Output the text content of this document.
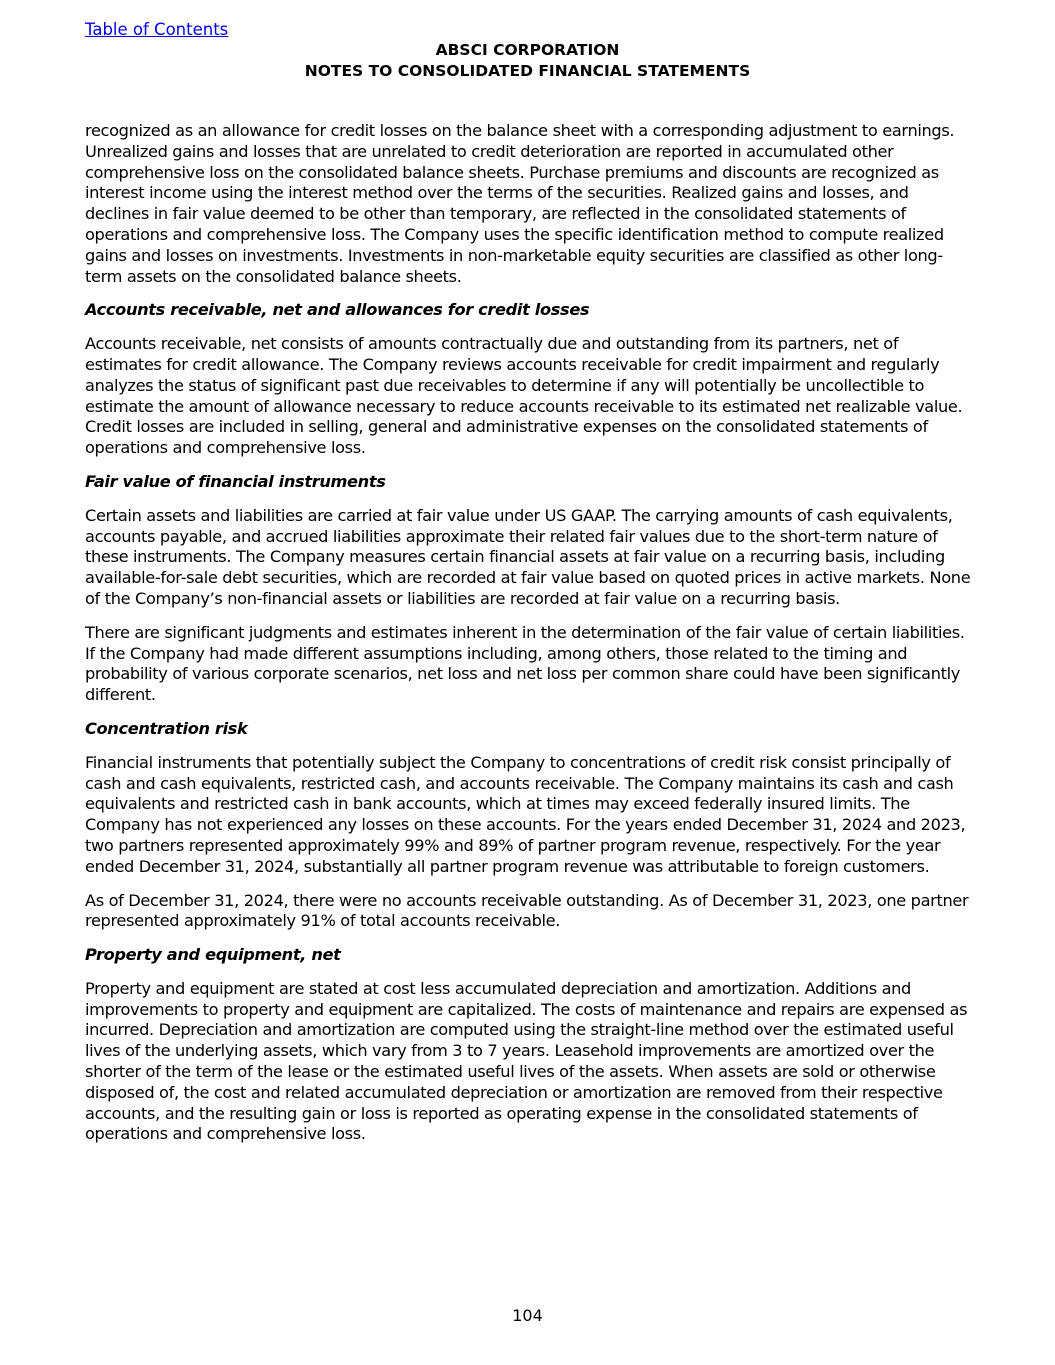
Table of Contents
ABSCI CORPORATION
NOTES TO CONSOLIDATED FINANCIAL STATEMENTS

recognized as an allowance for credit losses on the balance sheet with a corresponding adjustment to earnings. Unrealized gains and losses that are unrelated to credit deterioration are reported in accumulated other comprehensive loss on the consolidated balance sheets. Purchase premiums and discounts are recognized as interest income using the interest method over the terms of the securities. Realized gains and losses, and declines in fair value deemed to be other than temporary, are reflected in the consolidated statements of operations and comprehensive loss. The Company uses the specific identification method to compute realized gains and losses on investments. Investments in non-marketable equity securities are classified as other long-term assets on the consolidated balance sheets.

Accounts receivable, net and allowances for credit losses

Accounts receivable, net consists of amounts contractually due and outstanding from its partners, net of estimates for credit allowance. The Company reviews accounts receivable for credit impairment and regularly analyzes the status of significant past due receivables to determine if any will potentially be uncollectible to estimate the amount of allowance necessary to reduce accounts receivable to its estimated net realizable value. Credit losses are included in selling, general and administrative expenses on the consolidated statements of operations and comprehensive loss.

Fair value of financial instruments

Certain assets and liabilities are carried at fair value under US GAAP. The carrying amounts of cash equivalents, accounts payable, and accrued liabilities approximate their related fair values due to the short-term nature of these instruments. The Company measures certain financial assets at fair value on a recurring basis, including available-for-sale debt securities, which are recorded at fair value based on quoted prices in active markets. None of the Company’s non-financial assets or liabilities are recorded at fair value on a recurring basis.

There are significant judgments and estimates inherent in the determination of the fair value of certain liabilities. If the Company had made different assumptions including, among others, those related to the timing and probability of various corporate scenarios, net loss and net loss per common share could have been significantly different.

Concentration risk

Financial instruments that potentially subject the Company to concentrations of credit risk consist principally of cash and cash equivalents, restricted cash, and accounts receivable. The Company maintains its cash and cash equivalents and restricted cash in bank accounts, which at times may exceed federally insured limits. The Company has not experienced any losses on these accounts. For the years ended December 31, 2024 and 2023, two partners represented approximately 99% and 89% of partner program revenue, respectively. For the year ended December 31, 2024, substantially all partner program revenue was attributable to foreign customers.

As of December 31, 2024, there were no accounts receivable outstanding. As of December 31, 2023, one partner represented approximately 91% of total accounts receivable.

Property and equipment, net

Property and equipment are stated at cost less accumulated depreciation and amortization. Additions and improvements to property and equipment are capitalized. The costs of maintenance and repairs are expensed as incurred. Depreciation and amortization are computed using the straight-line method over the estimated useful lives of the underlying assets, which vary from 3 to 7 years. Leasehold improvements are amortized over the shorter of the term of the lease or the estimated useful lives of the assets. When assets are sold or otherwise disposed of, the cost and related accumulated depreciation or amortization are removed from their respective accounts, and the resulting gain or loss is reported as operating expense in the consolidated statements of operations and comprehensive loss.

104
